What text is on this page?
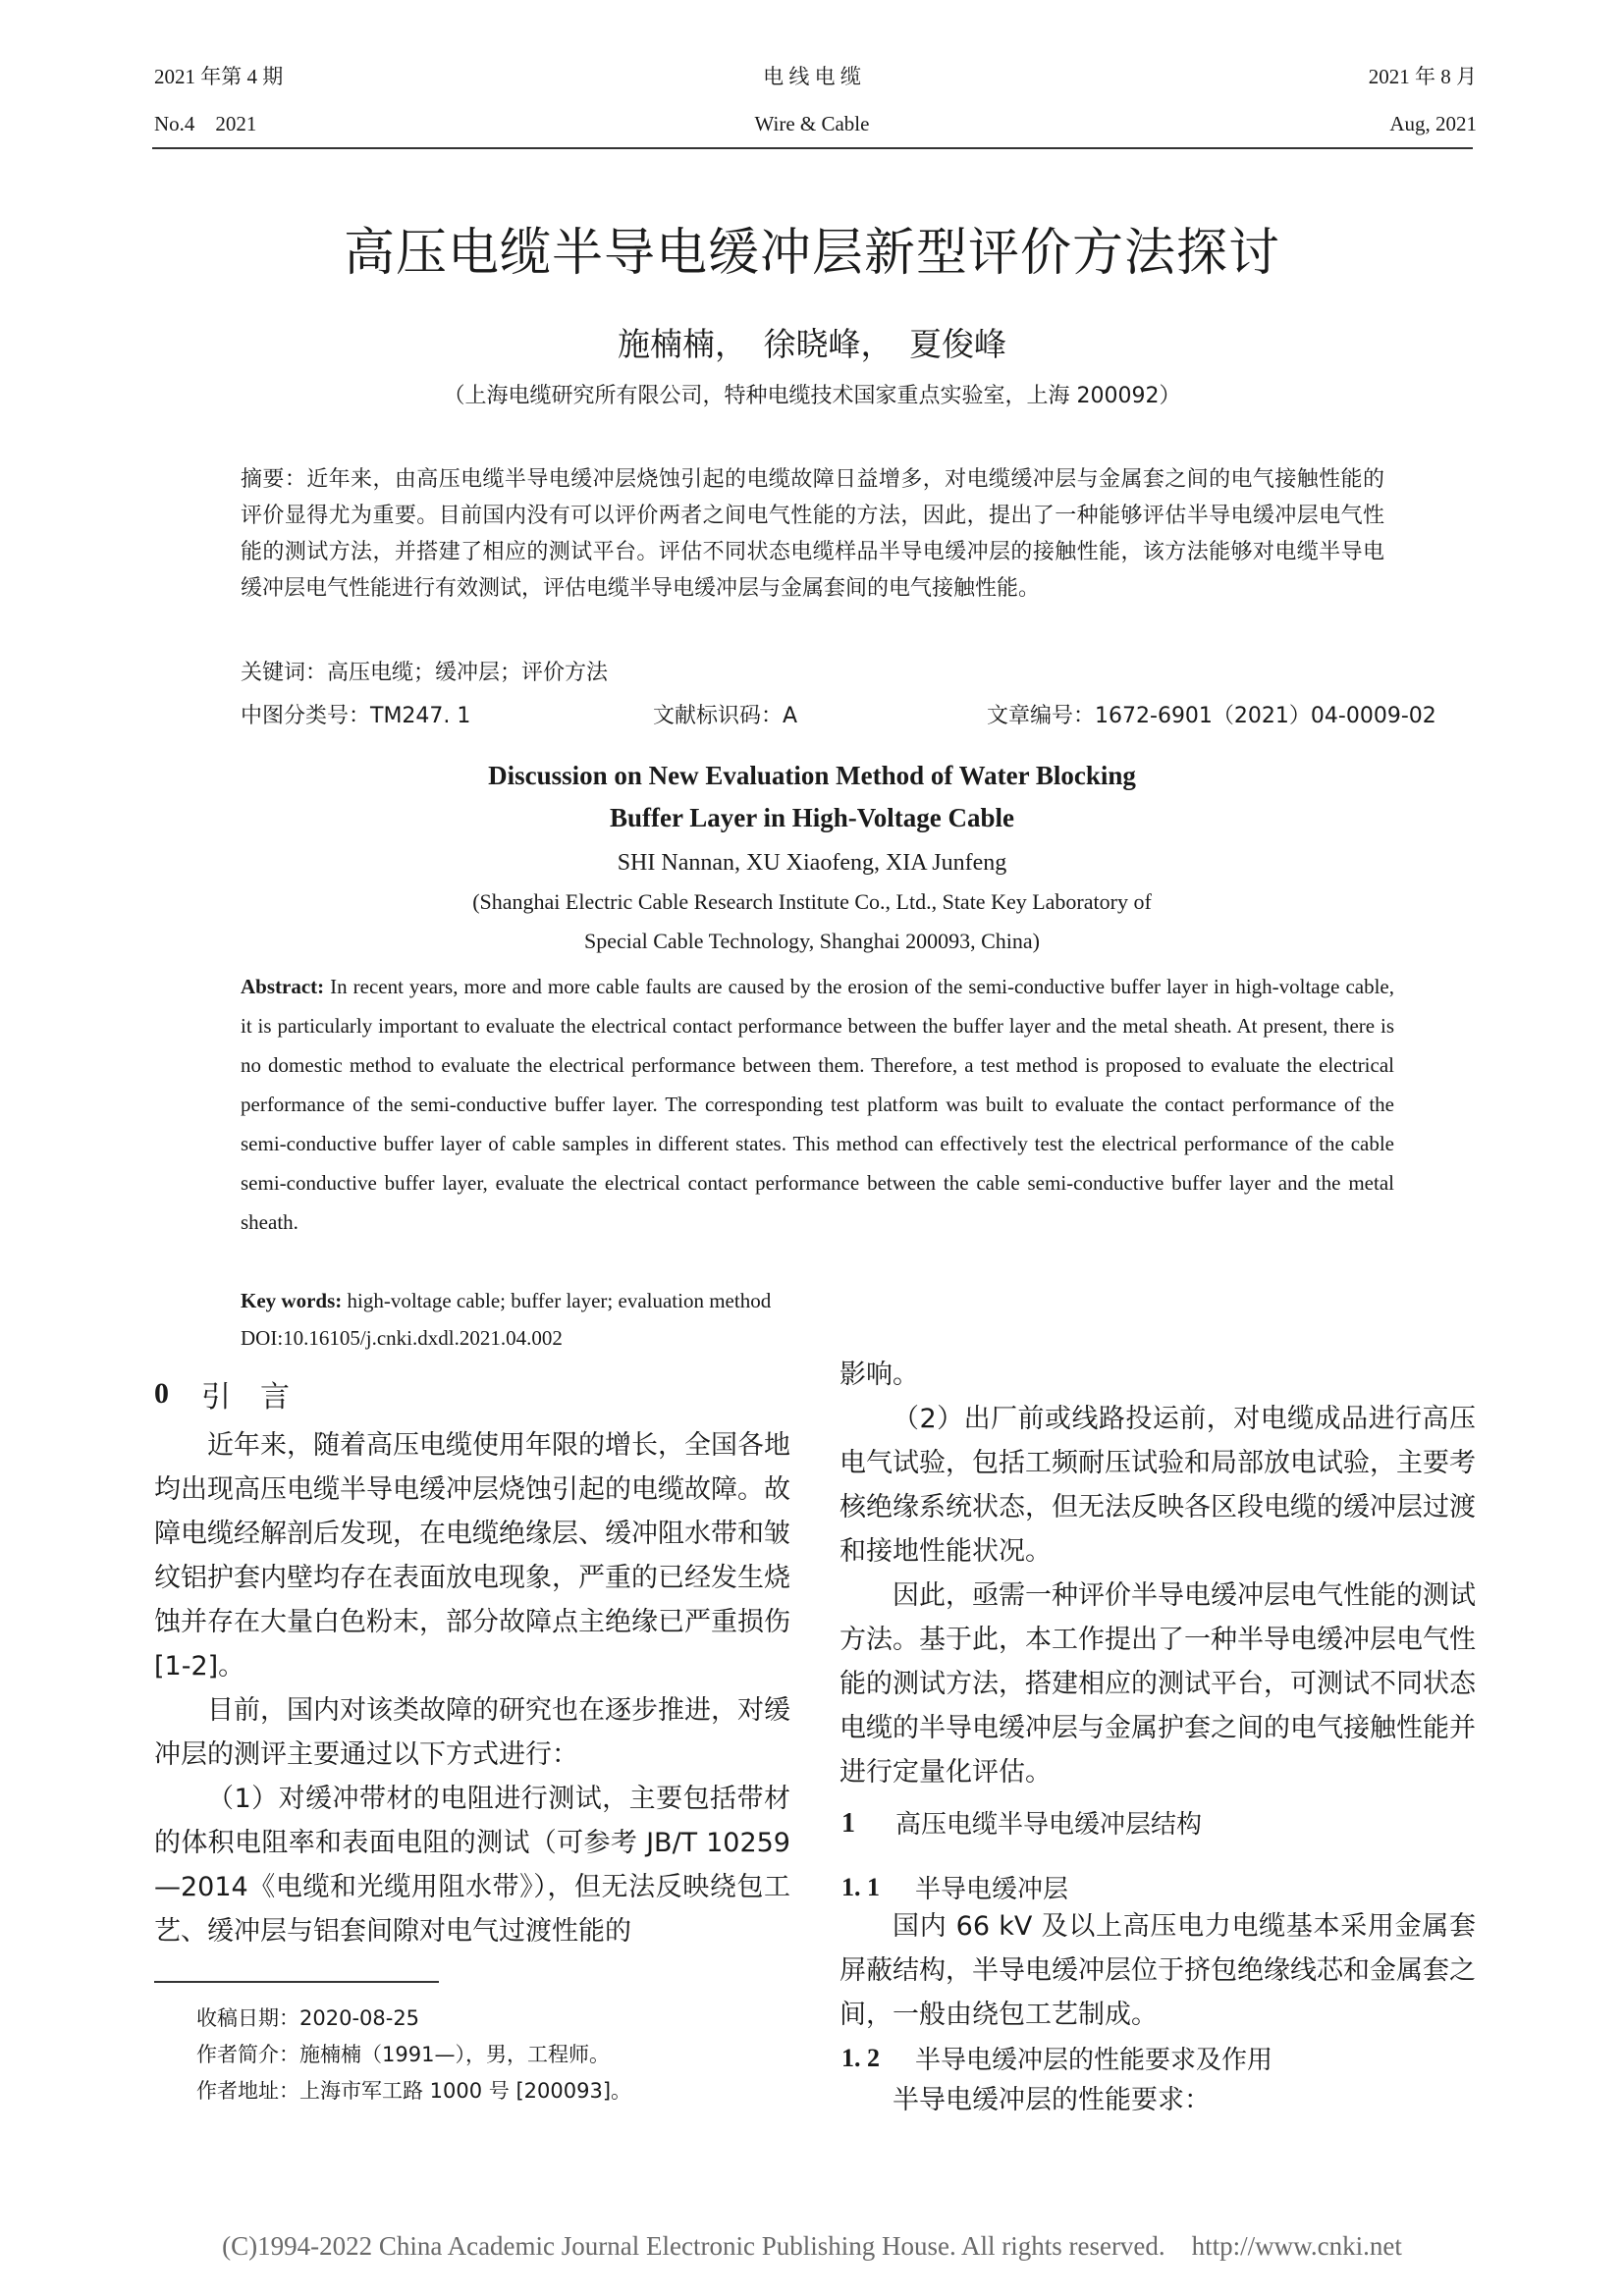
2021 年第 4 期
No.4　2021
电 线 电 缆
Wire & Cable
2021 年 8 月
Aug, 2021
高压电缆半导电缓冲层新型评价方法探讨
施楠楠，　徐晓峰，　夏俊峰
（上海电缆研究所有限公司，特种电缆技术国家重点实验室，上海 200092）
摘要：近年来，由高压电缆半导电缓冲层烧蚀引起的电缆故障日益增多，对电缆缓冲层与金属套之间的电气接触性能的评价显得尤为重要。目前国内没有可以评价两者之间电气性能的方法，因此，提出了一种能够评估半导电缓冲层电气性能的测试方法，并搭建了相应的测试平台。评估不同状态电缆样品半导电缓冲层的接触性能，该方法能够对电缆半导电缓冲层电气性能进行有效测试，评估电缆半导电缓冲层与金属套间的电气接触性能。
关键词：高压电缆；缓冲层；评价方法
中图分类号：TM247. 1	文献标识码：A	文章编号：1672-6901（2021）04-0009-02
Discussion on New Evaluation Method of Water Blocking
Buffer Layer in High-Voltage Cable
SHI Nannan, XU Xiaofeng, XIA Junfeng
(Shanghai Electric Cable Research Institute Co., Ltd., State Key Laboratory of
Special Cable Technology, Shanghai 200093, China)
Abstract: In recent years, more and more cable faults are caused by the erosion of the semi-conductive buffer layer in high-voltage cable, it is particularly important to evaluate the electrical contact performance between the buffer layer and the metal sheath. At present, there is no domestic method to evaluate the electrical performance between them. Therefore, a test method is proposed to evaluate the electrical performance of the semi-conductive buffer layer. The corresponding test platform was built to evaluate the contact performance of the semi-conductive buffer layer of cable samples in different states. This method can effectively test the electrical performance of the cable semi-conductive buffer layer, evaluate the electrical contact performance between the cable semi-conductive buffer layer and the metal sheath.
Key words: high-voltage cable; buffer layer; evaluation method
DOI:10.16105/j.cnki.dxdl.2021.04.002
0 引　言
近年来，随着高压电缆使用年限的增长，全国各地均出现高压电缆半导电缓冲层烧蚀引起的电缆故障。故障电缆经解剖后发现，在电缆绝缘层、缓冲阻水带和皱纹铝护套内壁均存在表面放电现象，严重的已经发生烧蚀并存在大量白色粉末，部分故障点主绝缘已严重损伤[1-2]。
目前，国内对该类故障的研究也在逐步推进，对缓冲层的测评主要通过以下方式进行：
（1）对缓冲带材的电阻进行测试，主要包括带材的体积电阻率和表面电阻的测试（可参考 JB/T 10259—2014《电缆和光缆用阻水带》），但无法反映绕包工艺、缓冲层与铝套间隙对电气过渡性能的
收稿日期：2020-08-25
作者简介：施楠楠（1991—），男，工程师。
作者地址：上海市军工路 1000 号 [200093]。
影响。
（2）出厂前或线路投运前，对电缆成品进行高压电气试验，包括工频耐压试验和局部放电试验，主要考核绝缘系统状态，但无法反映各区段电缆的缓冲层过渡和接地性能状况。
因此，亟需一种评价半导电缓冲层电气性能的测试方法。基于此，本工作提出了一种半导电缓冲层电气性能的测试方法，搭建相应的测试平台，可测试不同状态电缆的半导电缓冲层与金属护套之间的电气接触性能并进行定量化评估。
1 高压电缆半导电缓冲层结构
1. 1 半导电缓冲层
国内 66 kV 及以上高压电力电缆基本采用金属套屏蔽结构，半导电缓冲层位于挤包绝缘线芯和金属套之间，一般由绕包工艺制成。
1. 2 半导电缓冲层的性能要求及作用
半导电缓冲层的性能要求：
(C)1994-2022 China Academic Journal Electronic Publishing House. All rights reserved.　http://www.cnki.net
